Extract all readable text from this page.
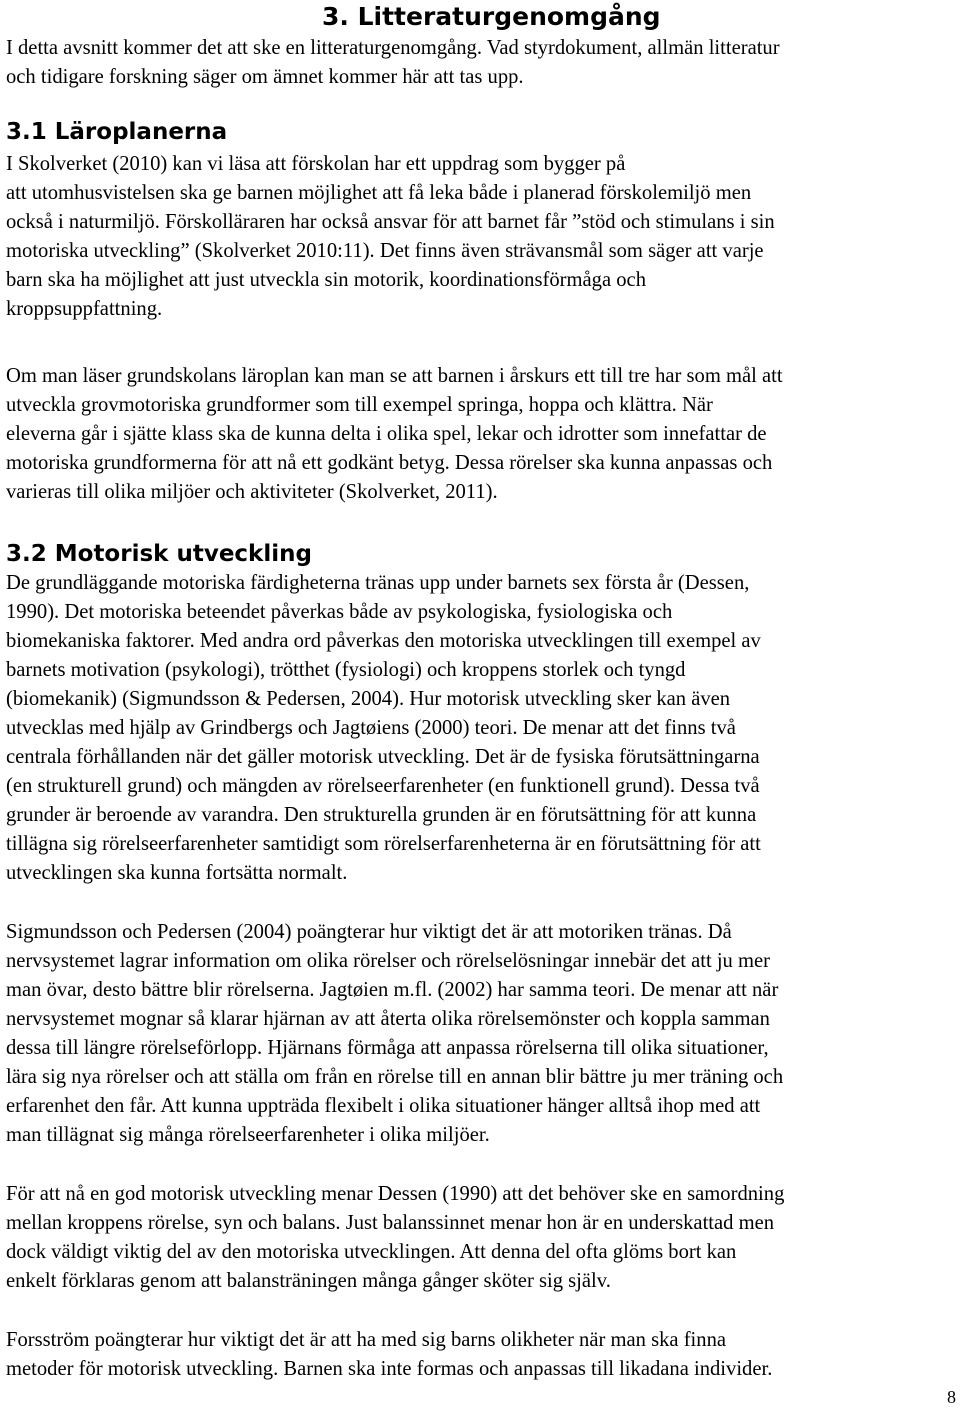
3. Litteraturgenomgång

I detta avsnitt kommer det att ske en litteraturgenomgång. Vad styrdokument, allmän litteratur
och tidigare forskning säger om ämnet kommer här att tas upp.

3.1 Läroplanerna

I Skolverket (2010) kan vi läsa att förskolan har ett uppdrag som bygger på
att utomhusvistelsen ska ge barnen möjlighet att få leka både i planerad förskolemiljö men
också i naturmiljö. Förskolläraren har också ansvar för att barnet får ”stöd och stimulans i sin
motoriska utveckling” (Skolverket 2010:11). Det finns även strävansmål som säger att varje
barn ska ha möjlighet att just utveckla sin motorik, koordinationsförmåga och
kroppsuppfattning.

Om man läser grundskolans läroplan kan man se att barnen i årskurs ett till tre har som mål att
utveckla grovmotoriska grundformer som till exempel springa, hoppa och klättra. När
eleverna går i sjätte klass ska de kunna delta i olika spel, lekar och idrotter som innefattar de
motoriska grundformerna för att nå ett godkänt betyg. Dessa rörelser ska kunna anpassas och
varieras till olika miljöer och aktiviteter (Skolverket, 2011).

3.2 Motorisk utveckling

De grundläggande motoriska färdigheterna tränas upp under barnets sex första år (Dessen,
1990). Det motoriska beteendet påverkas både av psykologiska, fysiologiska och
biomekaniska faktorer. Med andra ord påverkas den motoriska utvecklingen till exempel av
barnets motivation (psykologi), trötthet (fysiologi) och kroppens storlek och tyngd
(biomekanik) (Sigmundsson & Pedersen, 2004). Hur motorisk utveckling sker kan även
utvecklas med hjälp av Grindbergs och Jagtøiens (2000) teori. De menar att det finns två
centrala förhållanden när det gäller motorisk utveckling. Det är de fysiska förutsättningarna
(en strukturell grund) och mängden av rörelseerfarenheter (en funktionell grund). Dessa två
grunder är beroende av varandra. Den strukturella grunden är en förutsättning för att kunna
tillägna sig rörelseerfarenheter samtidigt som rörelserfarenheterna är en förutsättning för att
utvecklingen ska kunna fortsätta normalt.

Sigmundsson och Pedersen (2004) poängterar hur viktigt det är att motoriken tränas. Då
nervsystemet lagrar information om olika rörelser och rörelselösningar innebär det att ju mer
man övar, desto bättre blir rörelserna. Jagtøien m.fl. (2002) har samma teori. De menar att när
nervsystemet mognar så klarar hjärnan av att återta olika rörelsemönster och koppla samman
dessa till längre rörelseförlopp. Hjärnans förmåga att anpassa rörelserna till olika situationer,
lära sig nya rörelser och att ställa om från en rörelse till en annan blir bättre ju mer träning och
erfarenhet den får. Att kunna uppträda flexibelt i olika situationer hänger alltså ihop med att
man tillägnat sig många rörelseerfarenheter i olika miljöer.

För att nå en god motorisk utveckling menar Dessen (1990) att det behöver ske en samordning
mellan kroppens rörelse, syn och balans. Just balanssinnet menar hon är en underskattad men
dock väldigt viktig del av den motoriska utvecklingen. Att denna del ofta glöms bort kan
enkelt förklaras genom att balansträningen många gånger sköter sig själv.

Forsström poängterar hur viktigt det är att ha med sig barns olikheter när man ska finna
metoder för motorisk utveckling. Barnen ska inte formas och anpassas till likadana individer.

8
